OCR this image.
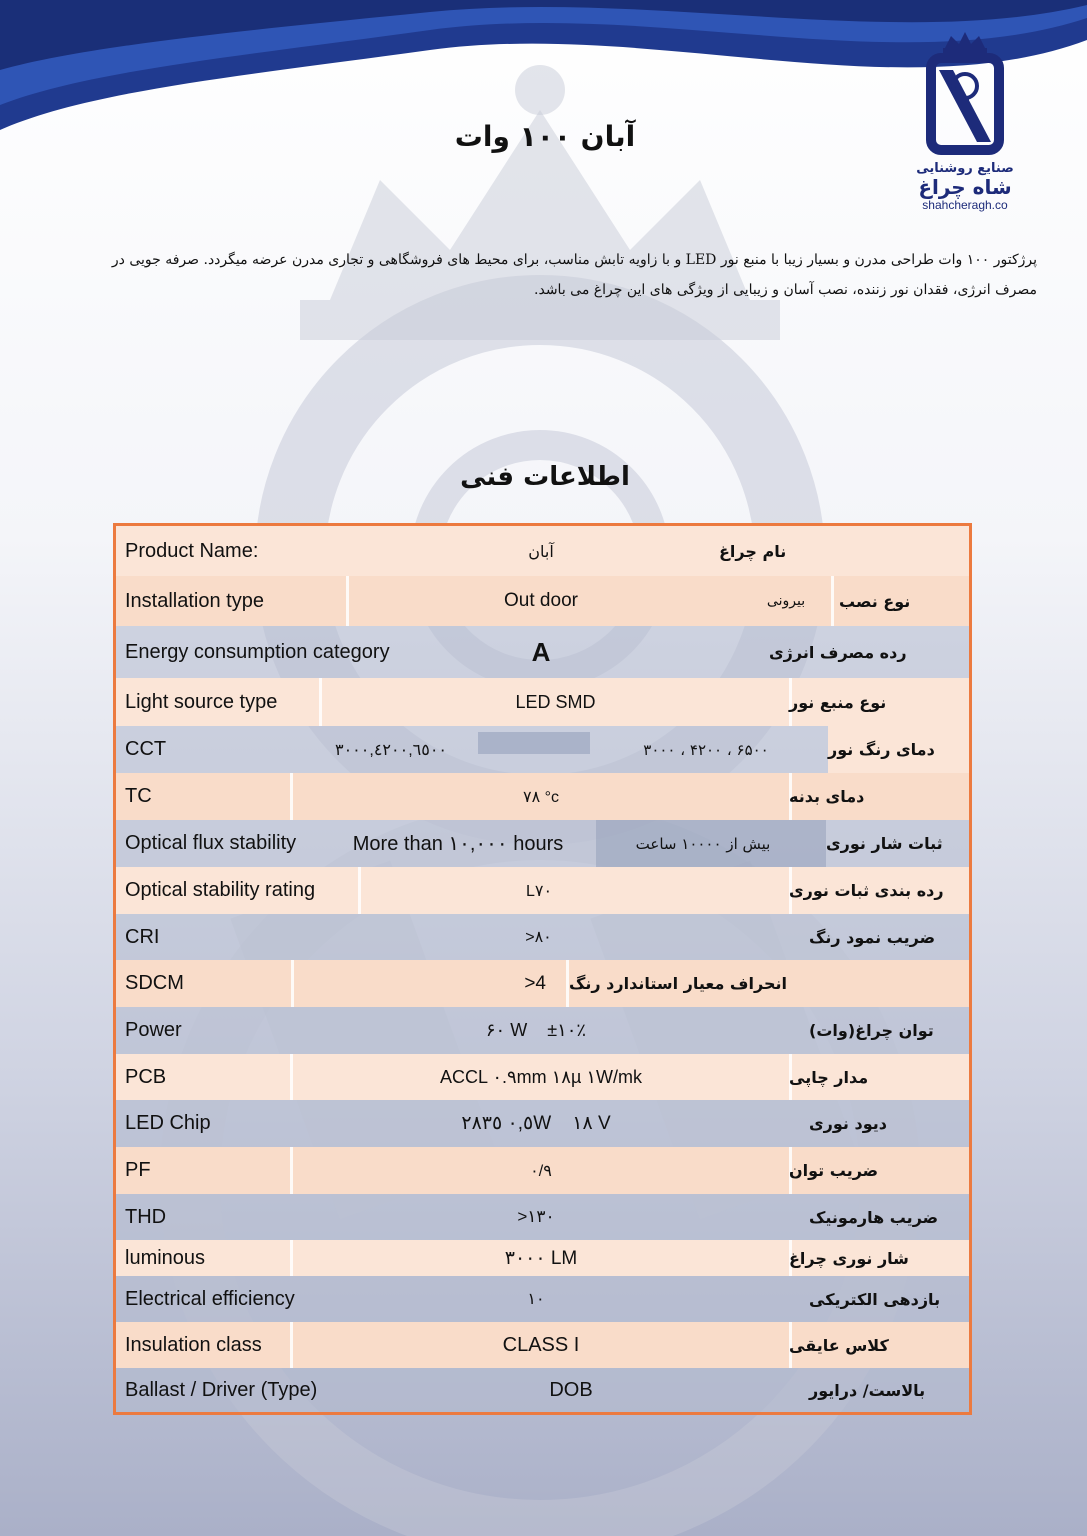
صنایع روشنایی
شاه چراغ
shahcheragh.co
آبان ۱۰۰ وات
پرژکتور ۱۰۰ وات طراحی مدرن و بسیار زیبا با منبع نور LED و با زاویه تابش مناسب، برای محیط های فروشگاهی و تجاری مدرن عرضه میگردد. صرفه جویی در
مصرف انرژی، فقدان نور زننده، نصب آسان و زیبایی از ویژگی های این چراغ می باشد.
اطلاعات فنی
Product Name:	آبان	نام چراغ
Installation type	Out door	بیرونی	نوع نصب
Energy consumption category	A	رده مصرف انرژی
Light source type	LED SMD	نوع منبع نور
CCT	۳۰۰۰,٤۲۰۰,٦٥۰۰	۶۵۰۰ ، ۴۲۰۰ ، ۳۰۰۰	دمای رنگ نور
TC	۷۸ °c	دمای بدنه
Optical flux stability	More than ۱۰,۰۰۰ hours	بیش از ۱۰۰۰۰ ساعت	ثبات شار نوری
Optical stability rating	L۷۰	رده بندی ثبات نوری
CRI	>۸۰	ضریب نمود رنگ
SDCM	>4	انحراف معیار استاندارد رنگ
Power	۶۰ W    ±۱۰٪	توان چراغ(وات)
PCB	ACCL ۰.۹mm ۱۸µ ۱W/mk	مدار چاپی
LED Chip	۲۸۳٥ ۰,٥W    ۱۸ V	دیود نوری
PF	۰/۹	ضریب توان
THD	>۱۳۰	ضریب هارمونیک
luminous	۳۰۰۰ LM	شار نوری چراغ
Electrical efficiency	۱۰	بازدهی الکتریکی
Insulation class	CLASS I	کلاس عایقی
Ballast / Driver (Type)	DOB	بالاست/ درایور
